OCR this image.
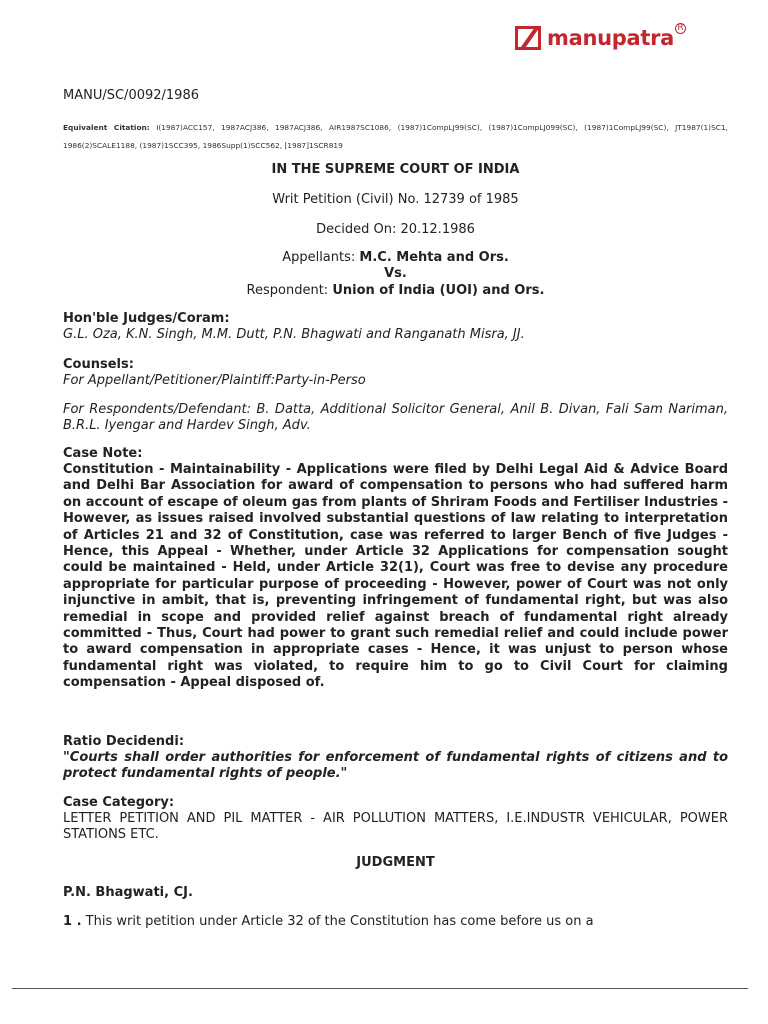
manupatra R
MANU/SC/0092/1986
Equivalent Citation: I(1987)ACC157, 1987ACJ386, 1987ACJ386, AIR1987SC1086, (1987)1CompLJ99(SC), (1987)1CompLJ099(SC), (1987)1CompLJ99(SC), JT1987(1)SC1, 1986(2)SCALE1188, (1987)1SCC395, 1986Supp(1)SCC562, [1987]1SCR819
IN THE SUPREME COURT OF INDIA
Writ Petition (Civil) No. 12739 of 1985
Decided On: 20.12.1986
Appellants: M.C. Mehta and Ors.
Vs.
Respondent: Union of India (UOI) and Ors.
Hon'ble Judges/Coram:
G.L. Oza, K.N. Singh, M.M. Dutt, P.N. Bhagwati and Ranganath Misra, JJ.
Counsels:
For Appellant/Petitioner/Plaintiff:Party-in-Perso
For Respondents/Defendant: B. Datta, Additional Solicitor General, Anil B. Divan, Fali Sam Nariman, B.R.L. Iyengar and Hardev Singh, Adv.
Case Note:
Constitution - Maintainability - Applications were filed by Delhi Legal Aid & Advice Board and Delhi Bar Association for award of compensation to persons who had suffered harm on account of escape of oleum gas from plants of Shriram Foods and Fertiliser Industries - However, as issues raised involved substantial questions of law relating to interpretation of Articles 21 and 32 of Constitution, case was referred to larger Bench of five Judges - Hence, this Appeal - Whether, under Article 32 Applications for compensation sought could be maintained - Held, under Article 32(1), Court was free to devise any procedure appropriate for particular purpose of proceeding - However, power of Court was not only injunctive in ambit, that is, preventing infringement of fundamental right, but was also remedial in scope and provided relief against breach of fundamental right already committed - Thus, Court had power to grant such remedial relief and could include power to award compensation in appropriate cases - Hence, it was unjust to person whose fundamental right was violated, to require him to go to Civil Court for claiming compensation - Appeal disposed of.
Ratio Decidendi:
"Courts shall order authorities for enforcement of fundamental rights of citizens and to protect fundamental rights of people."
Case Category:
LETTER PETITION AND PIL MATTER - AIR POLLUTION MATTERS, I.E.INDUSTR VEHICULAR, POWER STATIONS ETC.
JUDGMENT
P.N. Bhagwati, CJ.
1 . This writ petition under Article 32 of the Constitution has come before us on a
